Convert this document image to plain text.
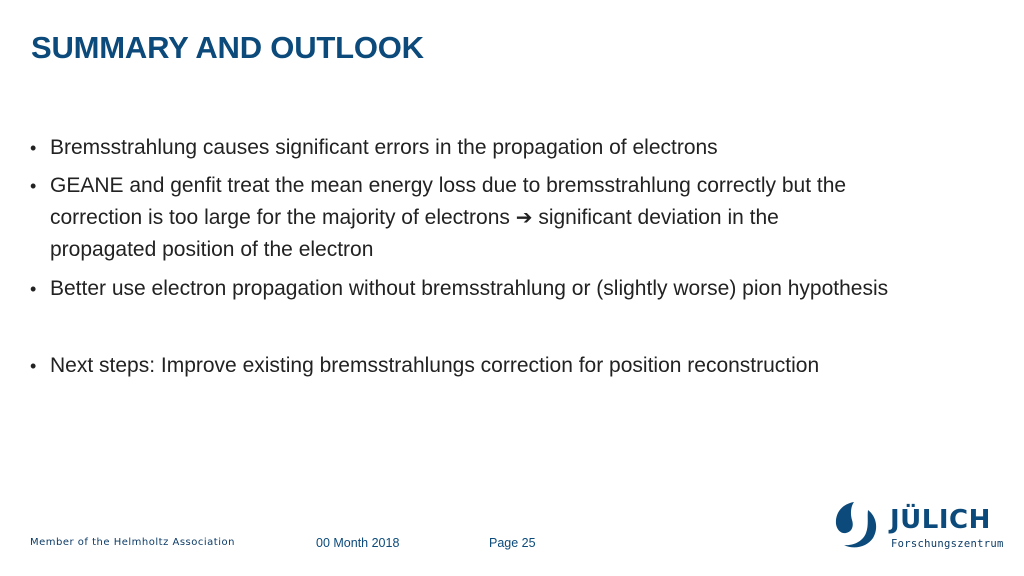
SUMMARY AND OUTLOOK
• Bremsstrahlung causes significant errors in the propagation of electrons
• GEANE and genfit treat the mean energy loss due to bremsstrahlung correctly but the
correction is too large for the majority of electrons ➔ significant deviation in the
propagated position of the electron
• Better use electron propagation without bremsstrahlung or (slightly worse) pion hypothesis
• Next steps: Improve existing bremsstrahlungs correction for position reconstruction
Member of the Helmholtz Association	00 Month 2018	Page 25
JÜLICH
Forschungszentrum
